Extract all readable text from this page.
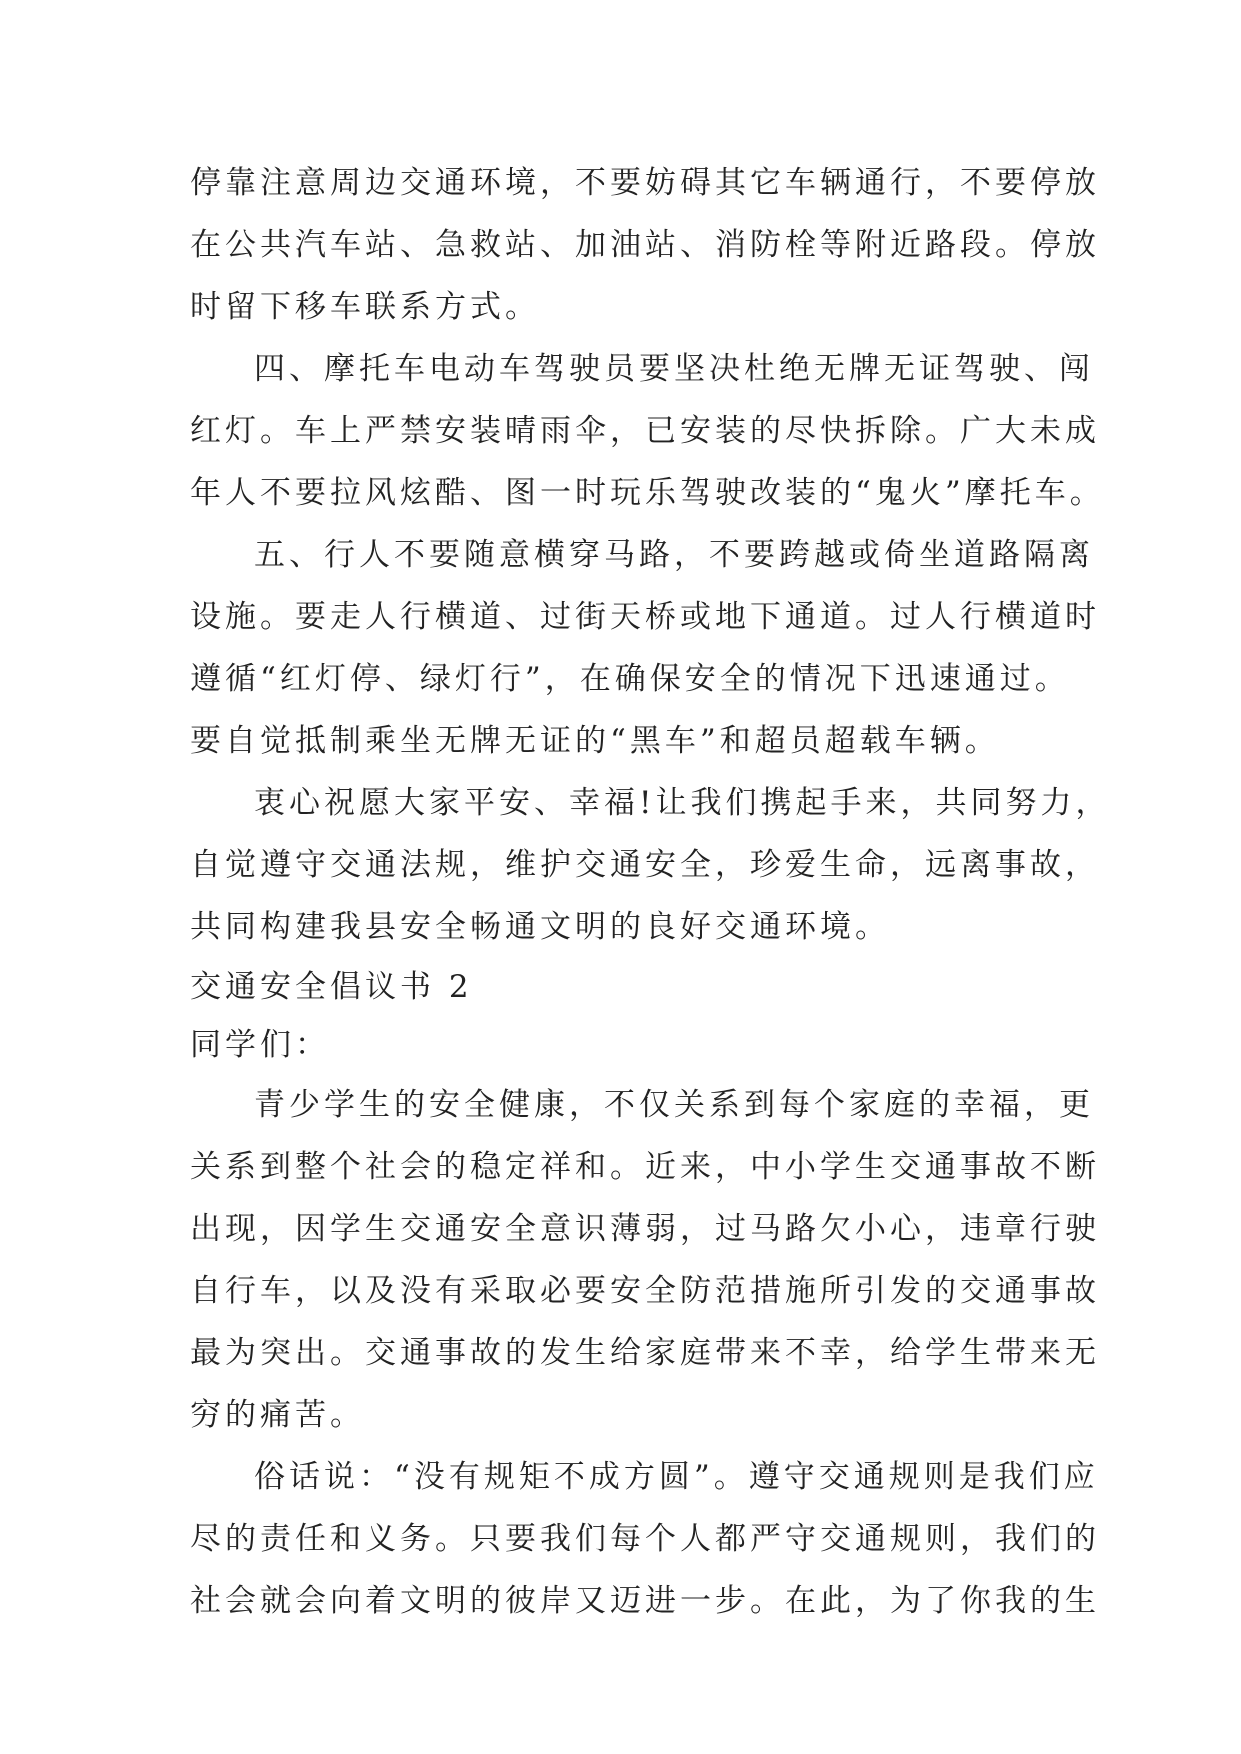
停靠注意周边交通环境，不要妨碍其它车辆通行，不要停放
在公共汽车站、急救站、加油站、消防栓等附近路段。停放
时留下移车联系方式。
四、摩托车电动车驾驶员要坚决杜绝无牌无证驾驶、闯
红灯。车上严禁安装晴雨伞，已安装的尽快拆除。广大未成
年人不要拉风炫酷、图一时玩乐驾驶改装的“鬼火”摩托车。
五、行人不要随意横穿马路，不要跨越或倚坐道路隔离
设施。要走人行横道、过街天桥或地下通道。过人行横道时
遵循“红灯停、绿灯行”，在确保安全的情况下迅速通过。
要自觉抵制乘坐无牌无证的“黑车”和超员超载车辆。
衷心祝愿大家平安、幸福!让我们携起手来，共同努力，
自觉遵守交通法规，维护交通安全，珍爱生命，远离事故，
共同构建我县安全畅通文明的良好交通环境。
交通安全倡议书 2
同学们：
青少学生的安全健康，不仅关系到每个家庭的幸福，更
关系到整个社会的稳定祥和。近来，中小学生交通事故不断
出现，因学生交通安全意识薄弱，过马路欠小心，违章行驶
自行车，以及没有采取必要安全防范措施所引发的交通事故
最为突出。交通事故的发生给家庭带来不幸，给学生带来无
穷的痛苦。
俗话说：“没有规矩不成方圆”。遵守交通规则是我们应
尽的责任和义务。只要我们每个人都严守交通规则，我们的
社会就会向着文明的彼岸又迈进一步。在此，为了你我的生
